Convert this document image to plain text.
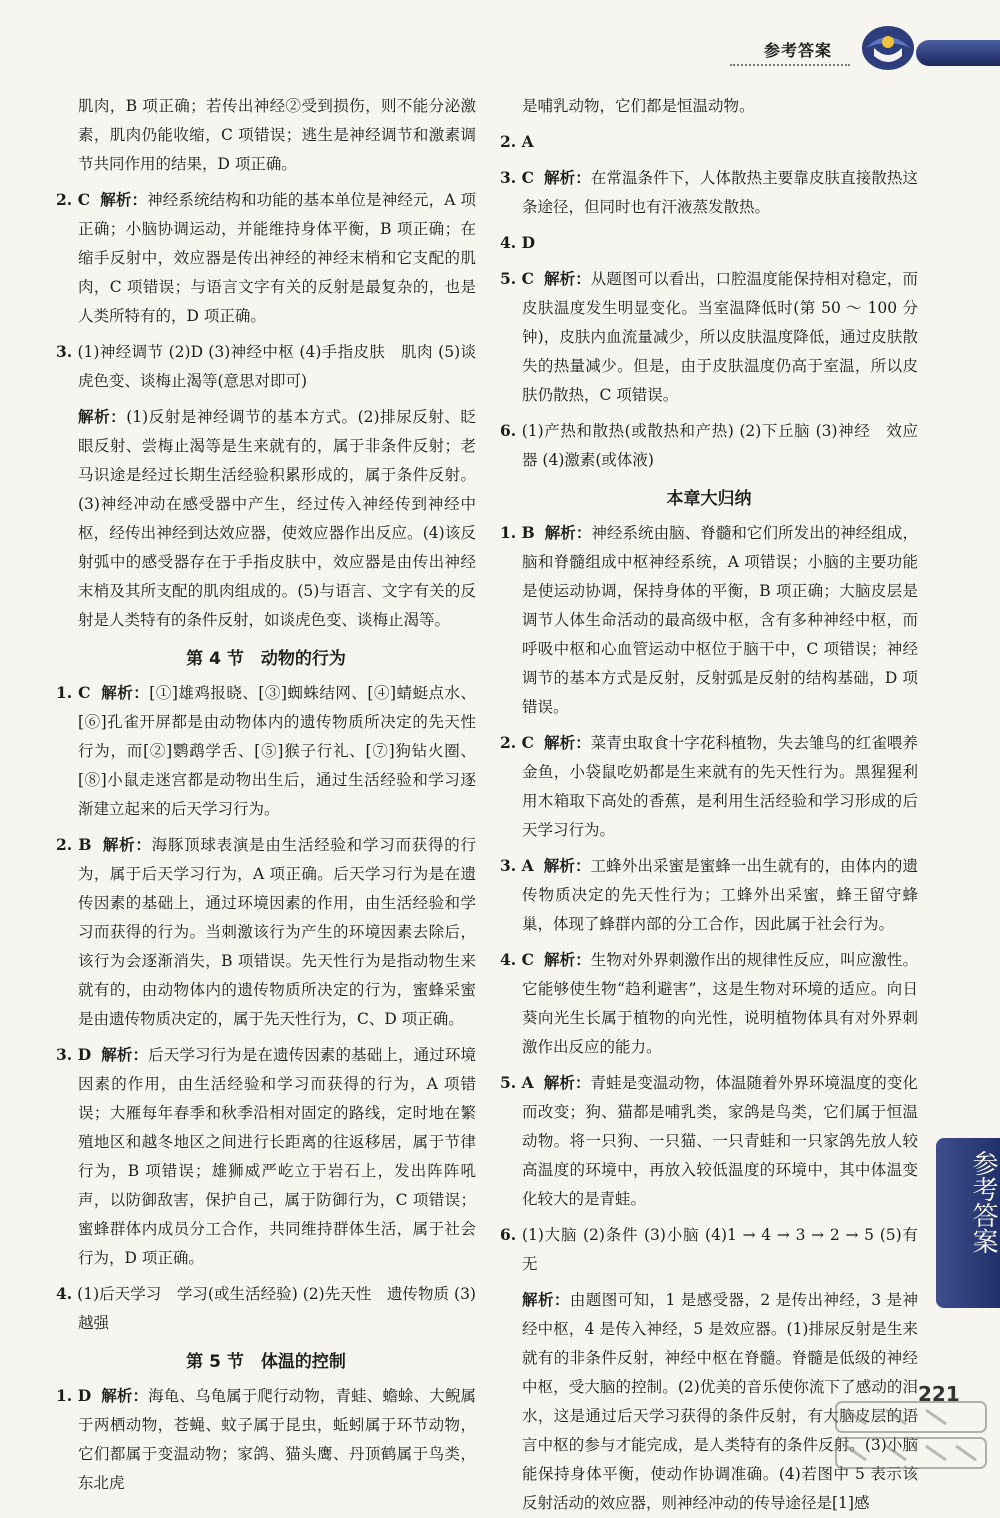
参考答案

肌肉，B 项正确；若传出神经②受到损伤，则不能分泌激素，肌肉仍能收缩，C 项错误；逃生是神经调节和激素调节共同作用的结果，D 项正确。

2. C 解析：神经系统结构和功能的基本单位是神经元，A 项正确；小脑协调运动，并能维持身体平衡，B 项正确；在缩手反射中，效应器是传出神经的神经末梢和它支配的肌肉，C 项错误；与语言文字有关的反射是最复杂的，也是人类所特有的，D 项正确。

3. (1)神经调节 (2)D (3)神经中枢 (4)手指皮肤　肌肉 (5)谈虎色变、谈梅止渴等(意思对即可)

解析：(1)反射是神经调节的基本方式。(2)排尿反射、眨眼反射、尝梅止渴等是生来就有的，属于非条件反射；老马识途是经过长期生活经验积累形成的，属于条件反射。(3)神经冲动在感受器中产生，经过传入神经传到神经中枢，经传出神经到达效应器，使效应器作出反应。(4)该反射弧中的感受器存在于手指皮肤中，效应器是由传出神经末梢及其所支配的肌肉组成的。(5)与语言、文字有关的反射是人类特有的条件反射，如谈虎色变、谈梅止渴等。

第 4 节　动物的行为

1. C 解析：[①]雄鸡报晓、[③]蜘蛛结网、[④]蜻蜓点水、[⑥]孔雀开屏都是由动物体内的遗传物质所决定的先天性行为，而[②]鹦鹉学舌、[⑤]猴子行礼、[⑦]狗钻火圈、[⑧]小鼠走迷宫都是动物出生后，通过生活经验和学习逐渐建立起来的后天学习行为。

2. B 解析：海豚顶球表演是由生活经验和学习而获得的行为，属于后天学习行为，A 项正确。后天学习行为是在遗传因素的基础上，通过环境因素的作用，由生活经验和学习而获得的行为。当刺激该行为产生的环境因素去除后，该行为会逐渐消失，B 项错误。先天性行为是指动物生来就有的，由动物体内的遗传物质所决定的行为，蜜蜂采蜜是由遗传物质决定的，属于先天性行为，C、D 项正确。

3. D 解析：后天学习行为是在遗传因素的基础上，通过环境因素的作用，由生活经验和学习而获得的行为，A 项错误；大雁每年春季和秋季沿相对固定的路线，定时地在繁殖地区和越冬地区之间进行长距离的往返移居，属于节律行为，B 项错误；雄狮威严屹立于岩石上，发出阵阵吼声，以防御敌害，保护自己，属于防御行为，C 项错误；蜜蜂群体内成员分工合作，共同维持群体生活，属于社会行为，D 项正确。

4. (1)后天学习　学习(或生活经验) (2)先天性　遗传物质 (3)越强

第 5 节　体温的控制

1. D 解析：海龟、乌龟属于爬行动物，青蛙、蟾蜍、大鲵属于两栖动物，苍蝇、蚊子属于昆虫，蚯蚓属于环节动物，它们都属于变温动物；家鸽、猫头鹰、丹顶鹤属于鸟类，东北虎

是哺乳动物，它们都是恒温动物。

2. A

3. C 解析：在常温条件下，人体散热主要靠皮肤直接散热这条途径，但同时也有汗液蒸发散热。

4. D

5. C 解析：从题图可以看出，口腔温度能保持相对稳定，而皮肤温度发生明显变化。当室温降低时(第 50 ～ 100 分钟)，皮肤内血流量减少，所以皮肤温度降低，通过皮肤散失的热量减少。但是，由于皮肤温度仍高于室温，所以皮肤仍散热，C 项错误。

6. (1)产热和散热(或散热和产热) (2)下丘脑 (3)神经　效应器 (4)激素(或体液)

本章大归纳

1. B 解析：神经系统由脑、脊髓和它们所发出的神经组成，脑和脊髓组成中枢神经系统，A 项错误；小脑的主要功能是使运动协调，保持身体的平衡，B 项正确；大脑皮层是调节人体生命活动的最高级中枢，含有多种神经中枢，而呼吸中枢和心血管运动中枢位于脑干中，C 项错误；神经调节的基本方式是反射，反射弧是反射的结构基础，D 项错误。

2. C 解析：菜青虫取食十字花科植物，失去雏鸟的红雀喂养金鱼，小袋鼠吃奶都是生来就有的先天性行为。黑猩猩利用木箱取下高处的香蕉，是利用生活经验和学习形成的后天学习行为。

3. A 解析：工蜂外出采蜜是蜜蜂一出生就有的，由体内的遗传物质决定的先天性行为；工蜂外出采蜜，蜂王留守蜂巢，体现了蜂群内部的分工合作，因此属于社会行为。

4. C 解析：生物对外界刺激作出的规律性反应，叫应激性。它能够使生物“趋利避害”，这是生物对环境的适应。向日葵向光生长属于植物的向光性，说明植物体具有对外界刺激作出反应的能力。

5. A 解析：青蛙是变温动物，体温随着外界环境温度的变化而改变；狗、猫都是哺乳类，家鸽是鸟类，它们属于恒温动物。将一只狗、一只猫、一只青蛙和一只家鸽先放人较高温度的环境中，再放入较低温度的环境中，其中体温变化较大的是青蛙。

6. (1)大脑 (2)条件 (3)小脑 (4)1 → 4 → 3 → 2 → 5 (5)有　无

解析：由题图可知，1 是感受器，2 是传出神经，3 是神经中枢，4 是传入神经，5 是效应器。(1)排尿反射是生来就有的非条件反射，神经中枢在脊髓。脊髓是低级的神经中枢，受大脑的控制。(2)优美的音乐使你流下了感动的泪水，这是通过后天学习获得的条件反射，有大脑皮层的语言中枢的参与才能完成，是人类特有的条件反射。(3)小脑能保持身体平衡，使动作协调准确。(4)若图中 5 表示该反射活动的效应器，则神经冲动的传导途径是[1]感

参考答案
221
